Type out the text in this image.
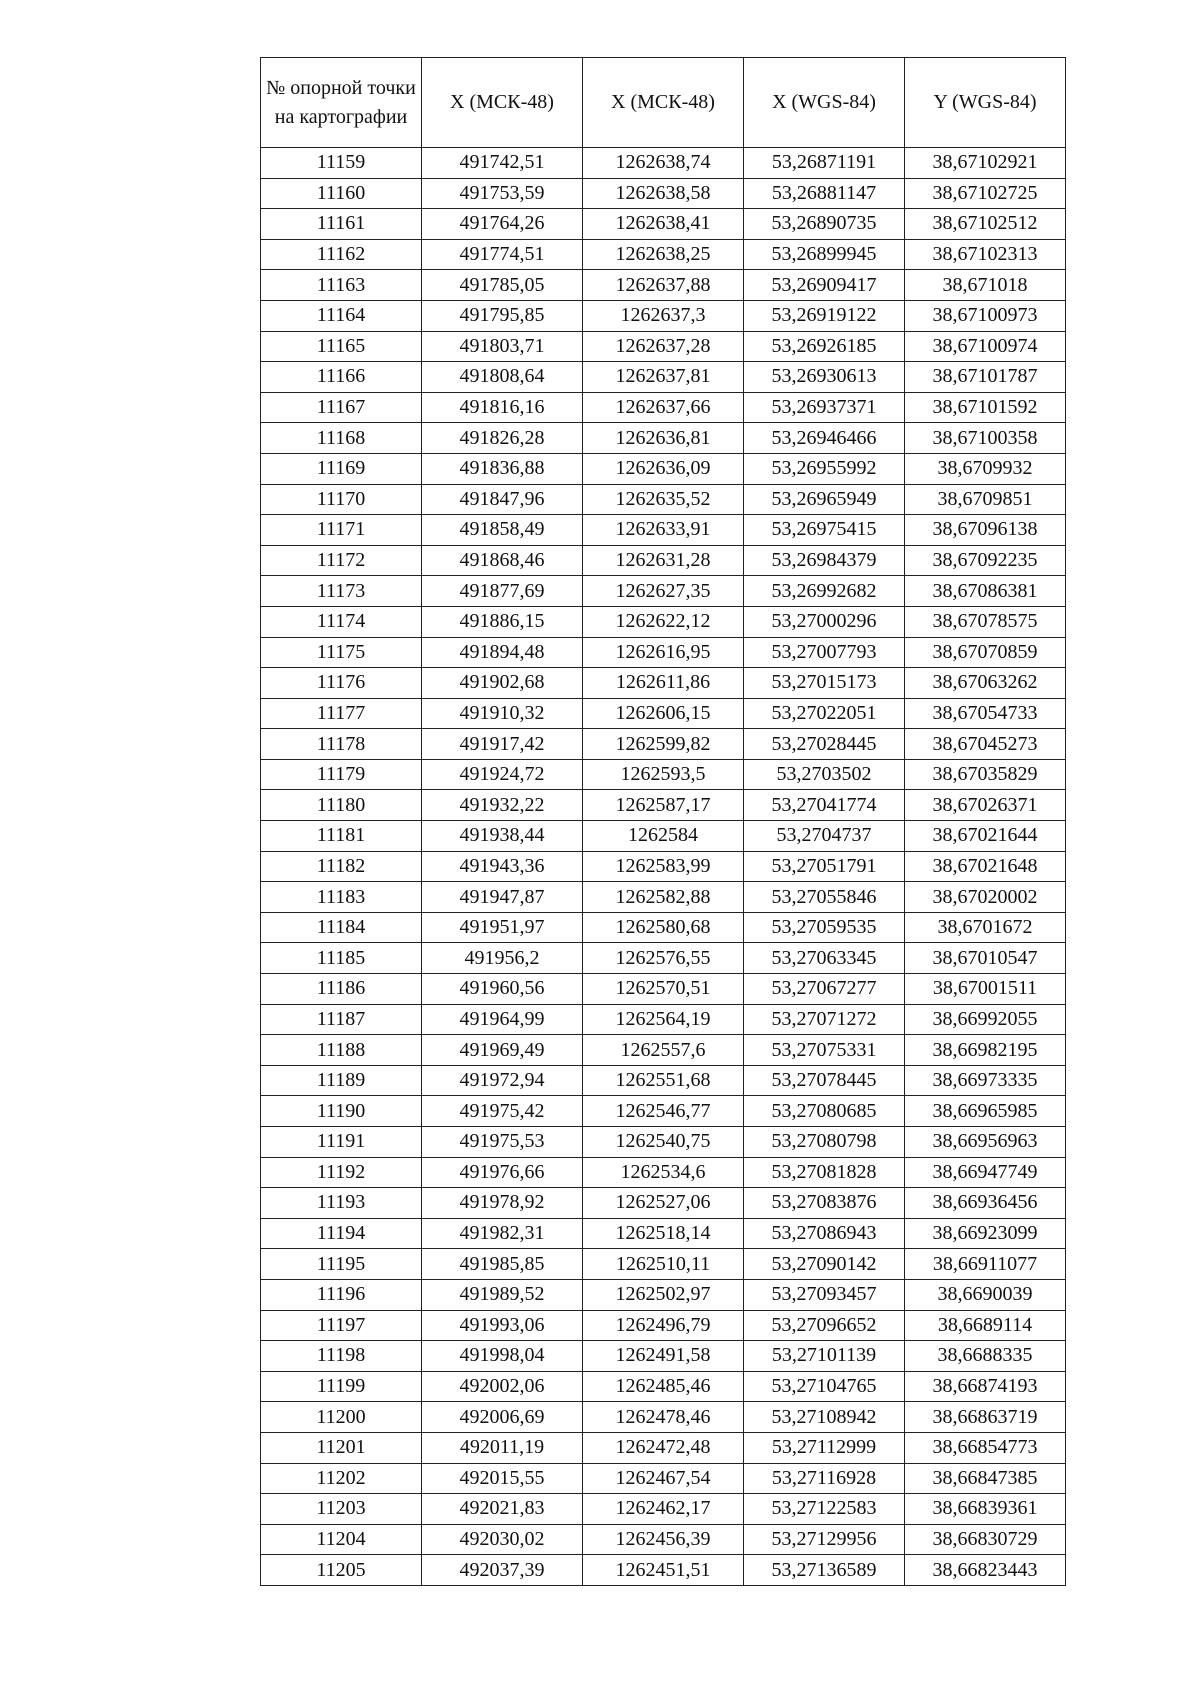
№ опорной точки на картографии	X (МСК-48)	X (МСК-48)	X (WGS-84)	Y (WGS-84)
11159	491742,51	1262638,74	53,26871191	38,67102921
11160	491753,59	1262638,58	53,26881147	38,67102725
11161	491764,26	1262638,41	53,26890735	38,67102512
11162	491774,51	1262638,25	53,26899945	38,67102313
11163	491785,05	1262637,88	53,26909417	38,671018
11164	491795,85	1262637,3	53,26919122	38,67100973
11165	491803,71	1262637,28	53,26926185	38,67100974
11166	491808,64	1262637,81	53,26930613	38,67101787
11167	491816,16	1262637,66	53,26937371	38,67101592
11168	491826,28	1262636,81	53,26946466	38,67100358
11169	491836,88	1262636,09	53,26955992	38,6709932
11170	491847,96	1262635,52	53,26965949	38,6709851
11171	491858,49	1262633,91	53,26975415	38,67096138
11172	491868,46	1262631,28	53,26984379	38,67092235
11173	491877,69	1262627,35	53,26992682	38,67086381
11174	491886,15	1262622,12	53,27000296	38,67078575
11175	491894,48	1262616,95	53,27007793	38,67070859
11176	491902,68	1262611,86	53,27015173	38,67063262
11177	491910,32	1262606,15	53,27022051	38,67054733
11178	491917,42	1262599,82	53,27028445	38,67045273
11179	491924,72	1262593,5	53,2703502	38,67035829
11180	491932,22	1262587,17	53,27041774	38,67026371
11181	491938,44	1262584	53,2704737	38,67021644
11182	491943,36	1262583,99	53,27051791	38,67021648
11183	491947,87	1262582,88	53,27055846	38,67020002
11184	491951,97	1262580,68	53,27059535	38,6701672
11185	491956,2	1262576,55	53,27063345	38,67010547
11186	491960,56	1262570,51	53,27067277	38,67001511
11187	491964,99	1262564,19	53,27071272	38,66992055
11188	491969,49	1262557,6	53,27075331	38,66982195
11189	491972,94	1262551,68	53,27078445	38,66973335
11190	491975,42	1262546,77	53,27080685	38,66965985
11191	491975,53	1262540,75	53,27080798	38,66956963
11192	491976,66	1262534,6	53,27081828	38,66947749
11193	491978,92	1262527,06	53,27083876	38,66936456
11194	491982,31	1262518,14	53,27086943	38,66923099
11195	491985,85	1262510,11	53,27090142	38,66911077
11196	491989,52	1262502,97	53,27093457	38,6690039
11197	491993,06	1262496,79	53,27096652	38,6689114
11198	491998,04	1262491,58	53,27101139	38,6688335
11199	492002,06	1262485,46	53,27104765	38,66874193
11200	492006,69	1262478,46	53,27108942	38,66863719
11201	492011,19	1262472,48	53,27112999	38,66854773
11202	492015,55	1262467,54	53,27116928	38,66847385
11203	492021,83	1262462,17	53,27122583	38,66839361
11204	492030,02	1262456,39	53,27129956	38,66830729
11205	492037,39	1262451,51	53,27136589	38,66823443
